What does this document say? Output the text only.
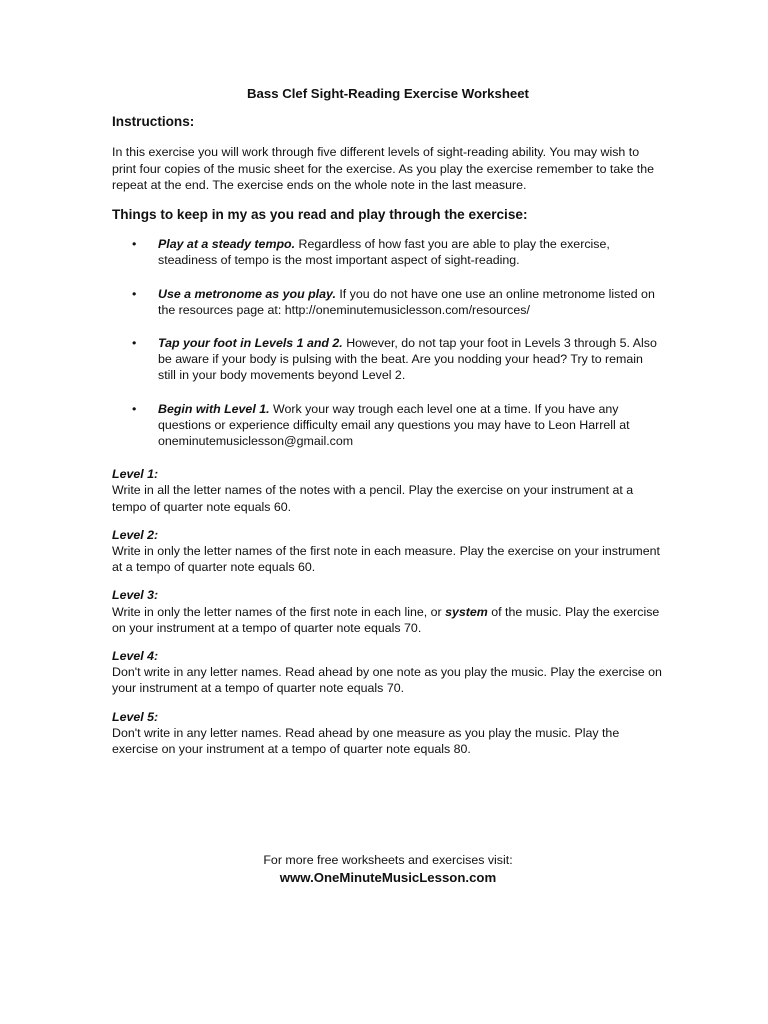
Bass Clef Sight-Reading Exercise Worksheet
Instructions:

In this exercise you will work through five different levels of sight-reading ability. You may wish to print four copies of the music sheet for the exercise. As you play the exercise remember to take the repeat at the end. The exercise ends on the whole note in the last measure.

Things to keep in my as you read and play through the exercise:
• Play at a steady tempo. Regardless of how fast you are able to play the exercise, steadiness of tempo is the most important aspect of sight-reading.
• Use a metronome as you play. If you do not have one use an online metronome listed on the resources page at: http://oneminutemusiclesson.com/resources/
• Tap your foot in Levels 1 and 2. However, do not tap your foot in Levels 3 through 5. Also be aware if your body is pulsing with the beat. Are you nodding your head? Try to remain still in your body movements beyond Level 2.
• Begin with Level 1. Work your way trough each level one at a time. If you have any questions or experience difficulty email any questions you may have to Leon Harrell at oneminutemusiclesson@gmail.com
Level 1:
Write in all the letter names of the notes with a pencil. Play the exercise on your instrument at a tempo of quarter note equals 60.
Level 2:
Write in only the letter names of the first note in each measure. Play the exercise on your instrument at a tempo of quarter note equals 60.
Level 3:
Write in only the letter names of the first note in each line, or system of the music. Play the exercise on your instrument at a tempo of quarter note equals 70.
Level 4:
Don't write in any letter names. Read ahead by one note as you play the music. Play the exercise on your instrument at a tempo of quarter note equals 70.
Level 5:
Don't write in any letter names. Read ahead by one measure as you play the music. Play the exercise on your instrument at a tempo of quarter note equals 80.
For more free worksheets and exercises visit:
www.OneMinuteMusicLesson.com
